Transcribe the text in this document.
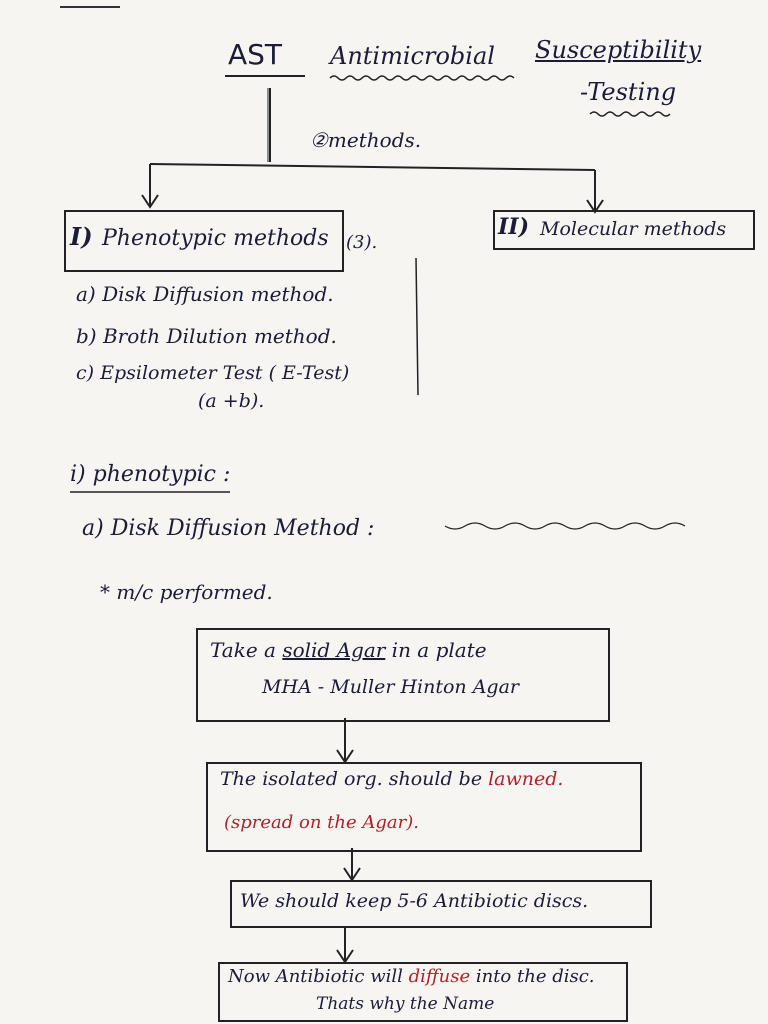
AST Antimicrobial Susceptibility
-Testing
②methods.
I) Phenotypic methods (3).
II) Molecular methods
a) Disk Diffusion method.
b) Broth Dilution method.
c) Epsilometer Test ( E-Test)
(a +b).
i) phenotypic :
a) Disk Diffusion Method :
* m/c performed.
Take a solid Agar in a plate
MHA - Muller Hinton Agar
The isolated org. should be lawned.
(spread on the Agar).
We should keep 5-6 Antibiotic discs.
Now Antibiotic will diffuse into the disc.
Thats why the Name
